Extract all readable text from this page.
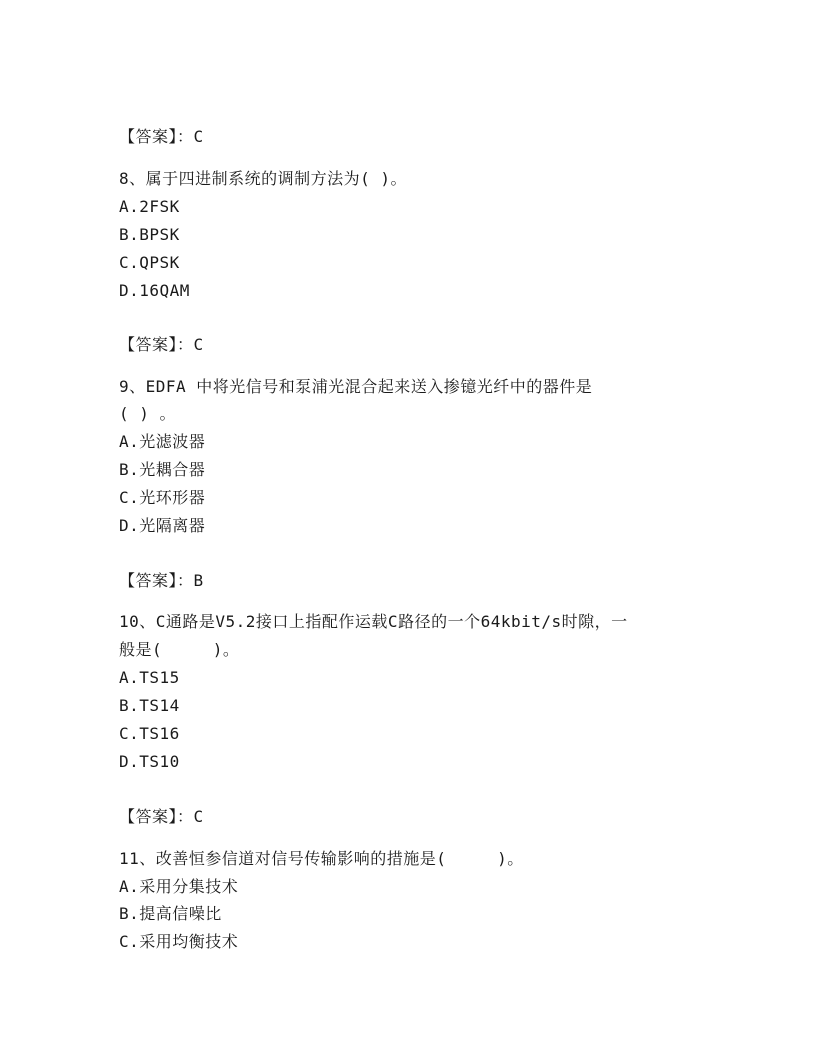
【答案】：C
8、属于四进制系统的调制方法为( )。
A.2FSK
B.BPSK
C.QPSK
D.16QAM
【答案】：C
9、EDFA 中将光信号和泵浦光混合起来送入掺镱光纤中的器件是
( ) 。
A.光滤波器
B.光耦合器
C.光环形器
D.光隔离器
【答案】：B
10、C通路是V5.2接口上指配作运载C路径的一个64kbit/s时隙，一
般是(     )。
A.TS15
B.TS14
C.TS16
D.TS10
【答案】：C
11、改善恒参信道对信号传输影响的措施是(     )。
A.采用分集技术
B.提高信噪比
C.采用均衡技术
